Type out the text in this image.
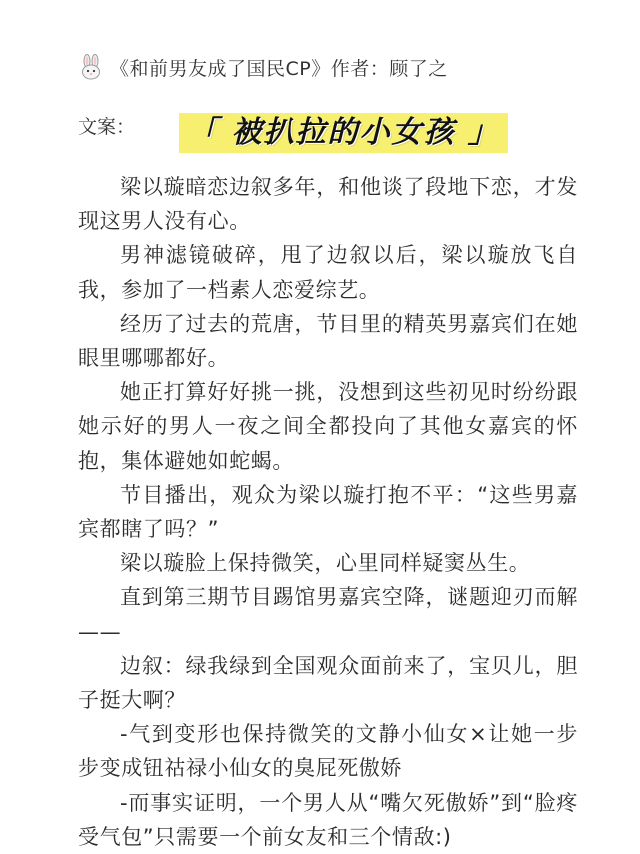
《和前男友成了国民CP》作者：顾了之
文案： 「 被扒拉的小女孩 」

梁以璇暗恋边叙多年，和他谈了段地下恋，才发现这男人没有心。

男神滤镜破碎，甩了边叙以后，梁以璇放飞自我，参加了一档素人恋爱综艺。

经历了过去的荒唐，节目里的精英男嘉宾们在她眼里哪哪都好。

她正打算好好挑一挑，没想到这些初见时纷纷跟她示好的男人一夜之间全都投向了其他女嘉宾的怀抱，集体避她如蛇蝎。

节目播出，观众为梁以璇打抱不平：“这些男嘉宾都瞎了吗？”

梁以璇脸上保持微笑，心里同样疑窦丛生。

直到第三期节目踢馆男嘉宾空降，谜题迎刃而解——

边叙：绿我绿到全国观众面前来了，宝贝儿，胆子挺大啊？

-气到变形也保持微笑的文静小仙女×让她一步步变成钮祜禄小仙女的臭屁死傲娇

-而事实证明，一个男人从“嘴欠死傲娇”到“脸疼受气包”只需要一个前女友和三个情敌:)
